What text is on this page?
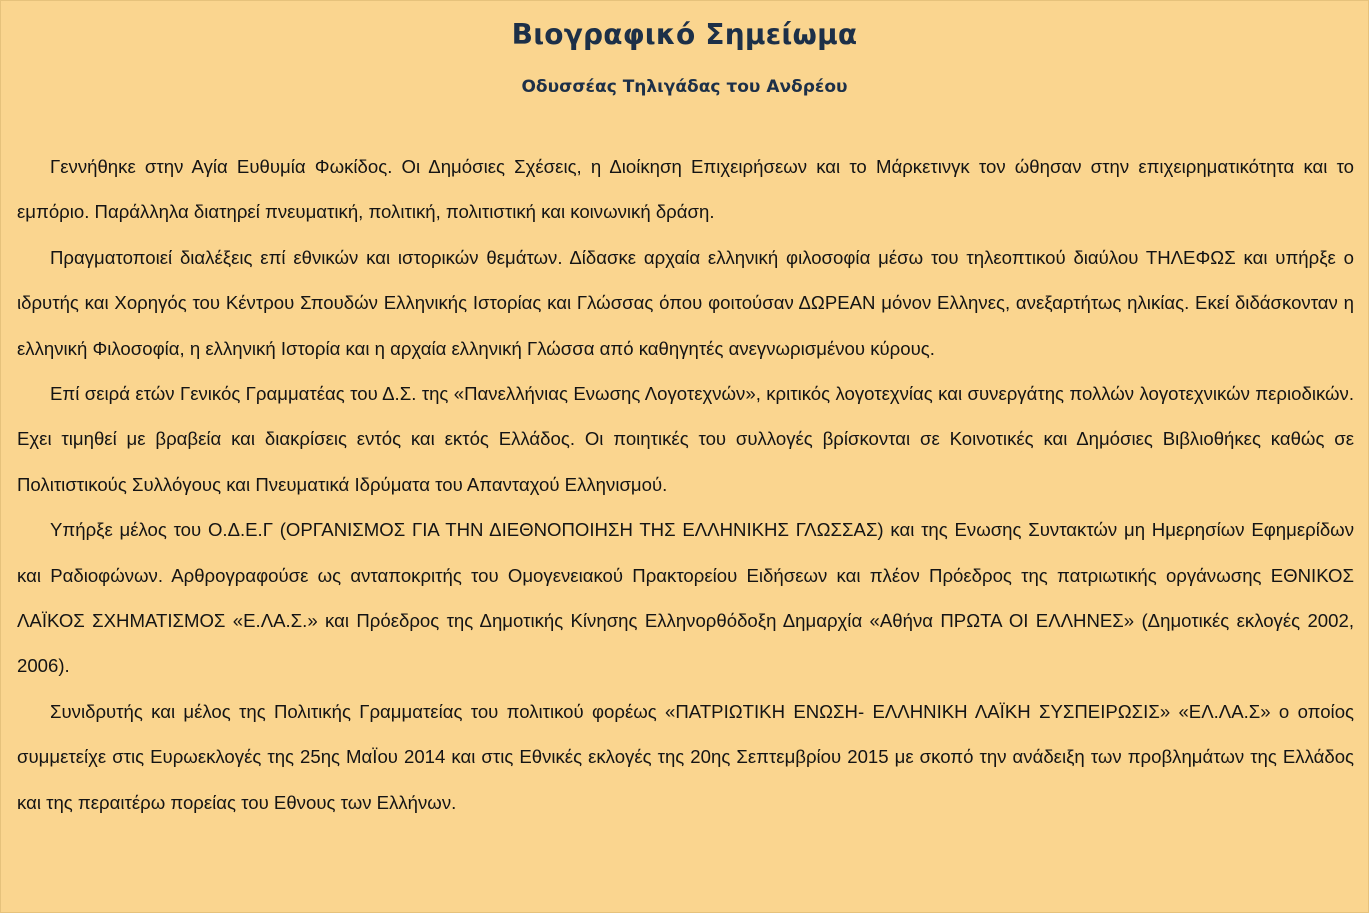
Βιογραφικό Σημείωμα
Οδυσσέας Τηλιγάδας του Ανδρέου

Γεννήθηκε στην Αγία Ευθυμία Φωκίδος. Οι Δημόσιες Σχέσεις, η Διοίκηση Επιχειρήσεων και το Μάρκετινγκ τον ώθησαν στην επιχειρηματικότητα και το εμπόριο. Παράλληλα διατηρεί πνευματική, πολιτική, πολιτιστική και κοινωνική δράση.

Πραγματοποιεί διαλέξεις επί εθνικών και ιστορικών θεμάτων. Δίδασκε αρχαία ελληνική φιλοσοφία μέσω του τηλεοπτικού διαύλου ΤΗΛΕΦΩΣ και υπήρξε ο ιδρυτής και Χορηγός του Κέντρου Σπουδών Ελληνικής Ιστορίας και Γλώσσας όπου φοιτούσαν ΔΩΡΕΑΝ μόνον Ελληνες, ανεξαρτήτως ηλικίας. Εκεί διδάσκονταν η ελληνική Φιλοσοφία, η ελληνική Ιστορία και η αρχαία ελληνική Γλώσσα από καθηγητές ανεγνωρισμένου κύρους.

Επί σειρά ετών Γενικός Γραμματέας του Δ.Σ. της «Πανελλήνιας Ενωσης Λογοτεχνών», κριτικός λογοτεχνίας και συνεργάτης πολλών λογοτεχνικών περιοδικών. Εχει τιμηθεί με βραβεία και διακρίσεις εντός και εκτός Ελλάδος. Οι ποιητικές του συλλογές βρίσκονται σε Κοινοτικές και Δημόσιες Βιβλιοθήκες καθώς σε Πολιτιστικούς Συλλόγους και Πνευματικά Ιδρύματα του Απανταχού Ελληνισμού.

Υπήρξε μέλος του Ο.Δ.Ε.Γ (ΟΡΓΑΝΙΣΜΟΣ ΓΙΑ ΤΗΝ ΔΙΕΘΝΟΠΟΙΗΣΗ ΤΗΣ ΕΛΛΗΝΙΚΗΣ ΓΛΩΣΣΑΣ) και της Ενωσης Συντακτών μη Ημερησίων Εφημερίδων και Ραδιοφώνων. Αρθρογραφούσε ως ανταποκριτής του Ομογενειακού Πρακτορείου Ειδήσεων και πλέον Πρόεδρος της πατριωτικής οργάνωσης ΕΘΝΙΚΟΣ ΛΑΪΚΟΣ ΣΧΗΜΑΤΙΣΜΟΣ «Ε.ΛΑ.Σ.» και Πρόεδρος της Δημοτικής Κίνησης Ελληνορθόδοξη Δημαρχία «Αθήνα ΠΡΩΤΑ ΟΙ ΕΛΛΗΝΕΣ» (Δημοτικές εκλογές 2002, 2006).

Συνιδρυτής και μέλος της Πολιτικής Γραμματείας του πολιτικού φορέως «ΠΑΤΡΙΩΤΙΚΗ ΕΝΩΣΗ- ΕΛΛΗΝΙΚΗ ΛΑΪΚΗ ΣΥΣΠΕΙΡΩΣΙΣ» «ΕΛ.ΛΑ.Σ» ο οποίος συμμετείχε στις Ευρωεκλογές της 25ης ΜαΪου 2014 και στις Εθνικές εκλογές της 20ης Σεπτεμβρίου 2015 με σκοπό την ανάδειξη των προβλημάτων της Ελλάδος και της περαιτέρω πορείας του Εθνους των Ελλήνων.
